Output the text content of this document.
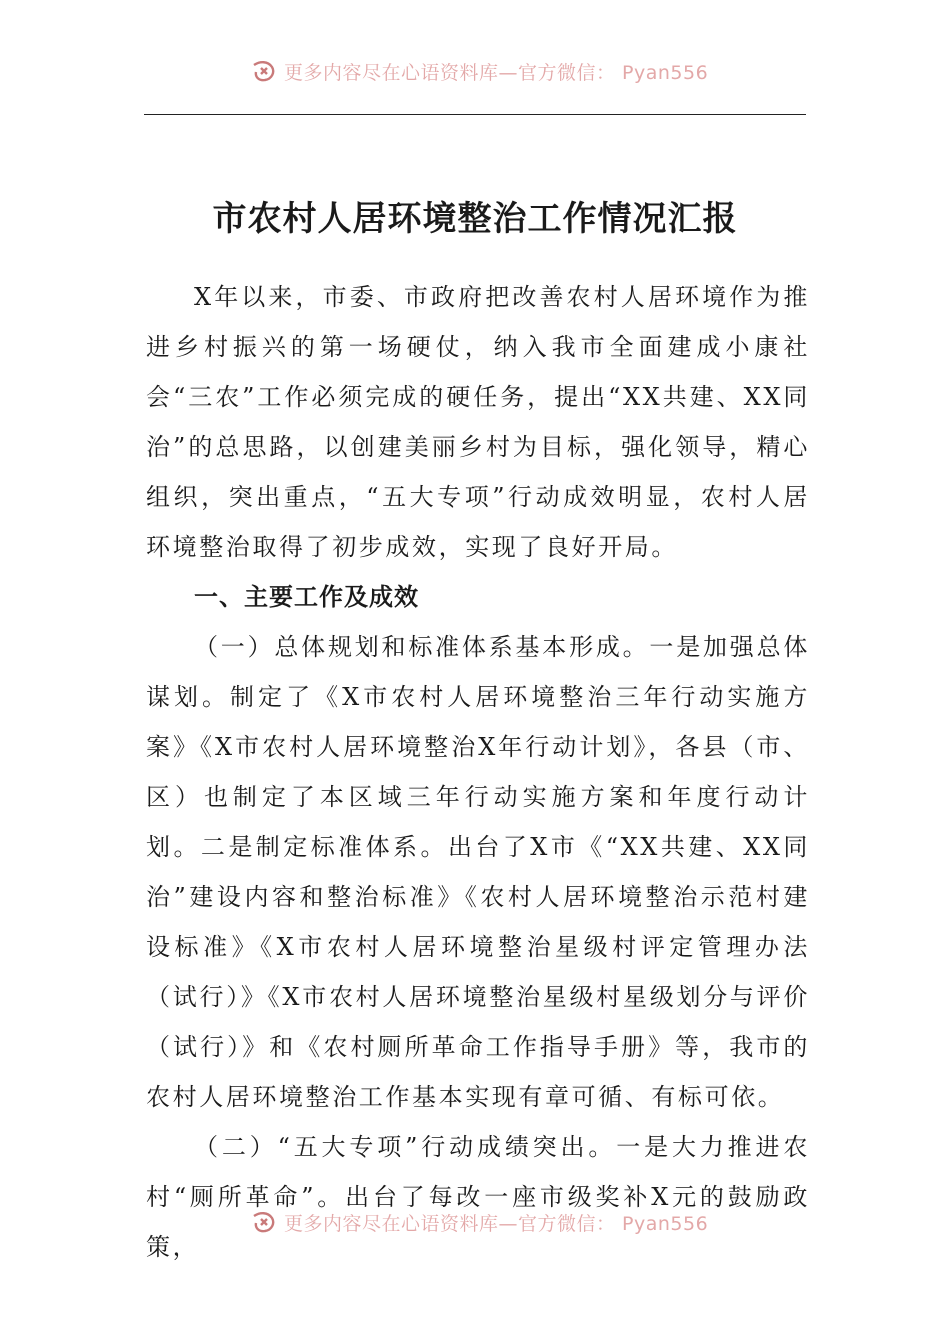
更多内容尽在心语资料库—官方微信： Pyan556
市农村人居环境整治工作情况汇报

X年以来，市委、市政府把改善农村人居环境作为推进乡村振兴的第一场硬仗，纳入我市全面建成小康社会“三农”工作必须完成的硬任务，提出“XX共建、XX同治”的总思路，以创建美丽乡村为目标，强化领导，精心组织，突出重点，“五大专项”行动成效明显，农村人居环境整治取得了初步成效，实现了良好开局。

一、主要工作及成效

（一）总体规划和标准体系基本形成。一是加强总体谋划。制定了《X市农村人居环境整治三年行动实施方案》《X市农村人居环境整治X年行动计划》，各县（市、区）也制定了本区域三年行动实施方案和年度行动计划。二是制定标准体系。出台了X市《“XX共建、XX同治”建设内容和整治标准》《农村人居环境整治示范村建设标准》《X市农村人居环境整治星级村评定管理办法（试行）》《X市农村人居环境整治星级村星级划分与评价（试行）》和《农村厕所革命工作指导手册》等，我市的农村人居环境整治工作基本实现有章可循、有标可依。

（二）“五大专项”行动成绩突出。一是大力推进农村“厕所革命”。出台了每改一座市级奖补X元的鼓励政策，

更多内容尽在心语资料库—官方微信： Pyan556
